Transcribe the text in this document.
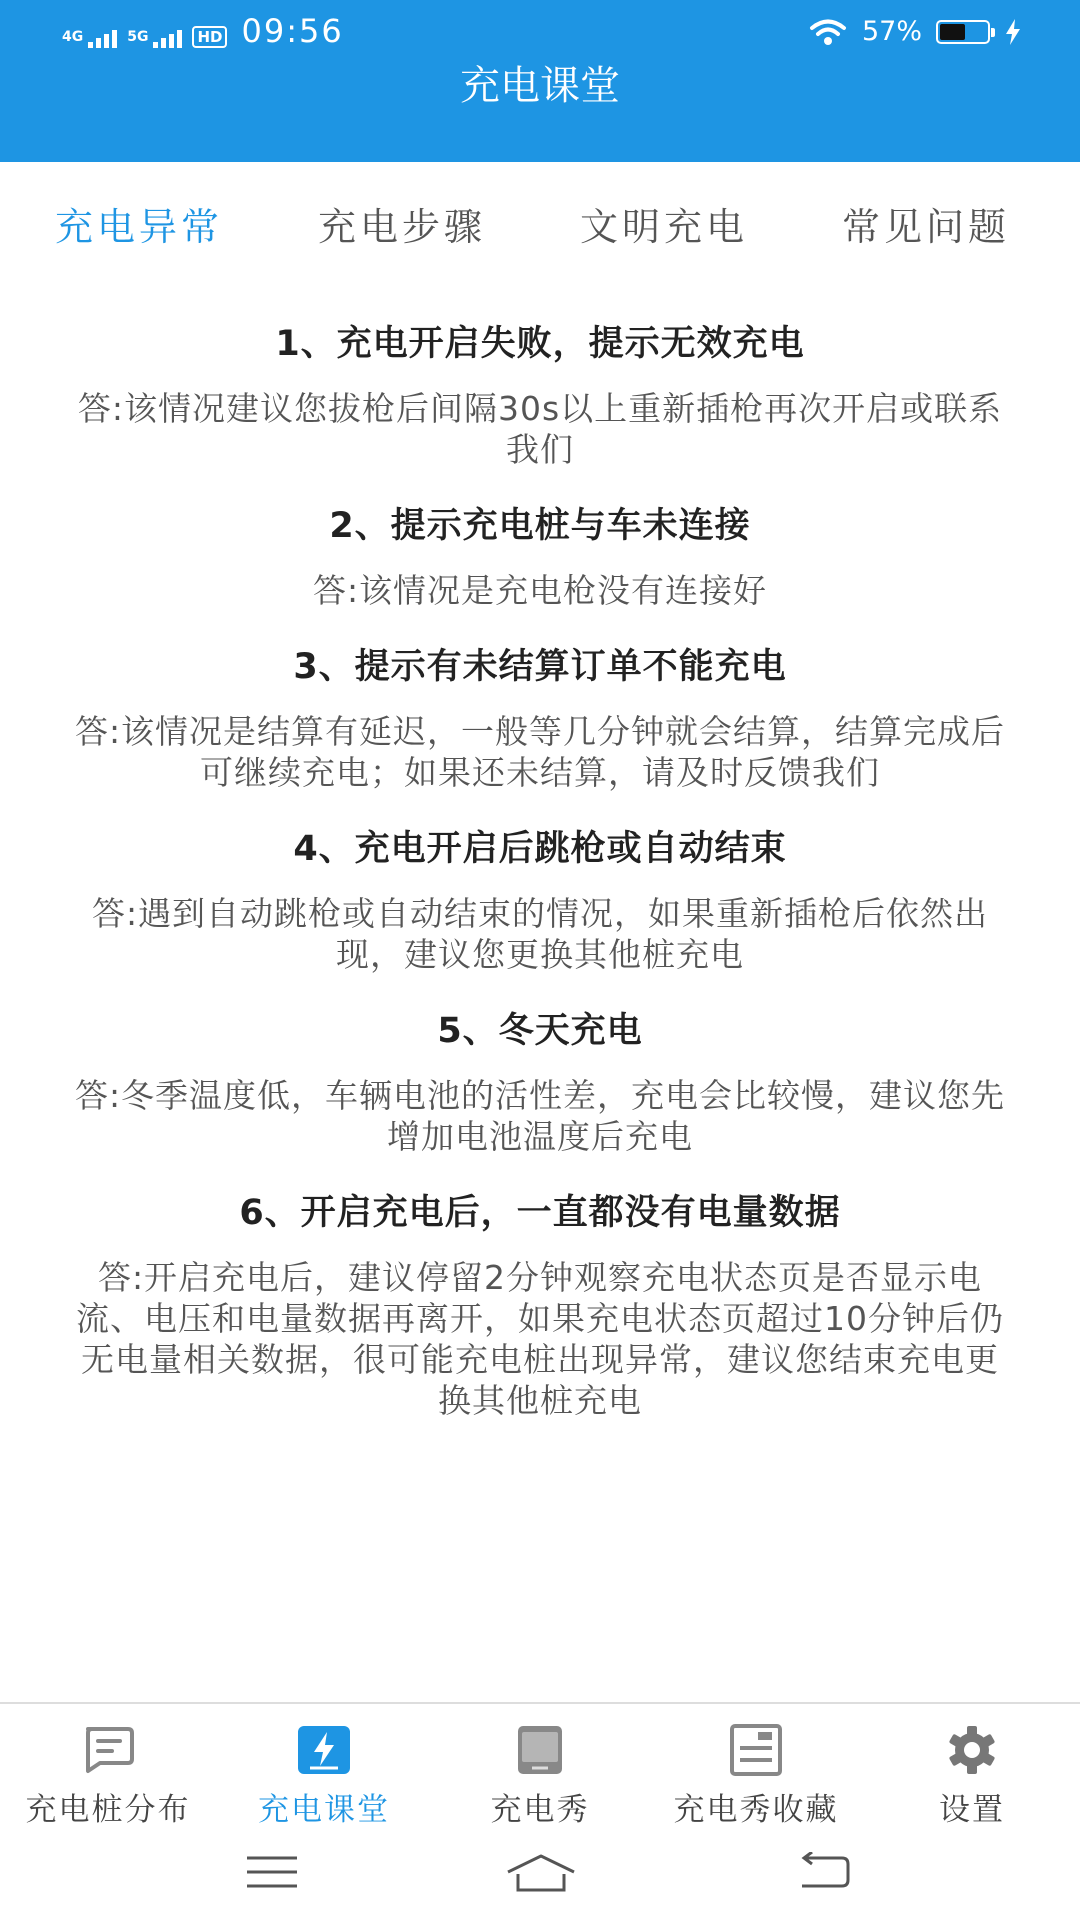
4G	5G	HD 09:56	57%
充电课堂
充电异常 充电步骤 文明充电 常见问题
1、充电开启失败，提示无效充电
答:该情况建议您拔枪后间隔30s以上重新插枪再次开启或联系我们
2、提示充电桩与车未连接
答:该情况是充电枪没有连接好
3、提示有未结算订单不能充电
答:该情况是结算有延迟，一般等几分钟就会结算，结算完成后可继续充电；如果还未结算，请及时反馈我们
4、充电开启后跳枪或自动结束
答:遇到自动跳枪或自动结束的情况，如果重新插枪后依然出现，建议您更换其他桩充电
5、冬天充电
答:冬季温度低，车辆电池的活性差，充电会比较慢，建议您先增加电池温度后充电
6、开启充电后，一直都没有电量数据
答:开启充电后，建议停留2分钟观察充电状态页是否显示电流、电压和电量数据再离开，如果充电状态页超过10分钟后仍无电量相关数据，很可能充电桩出现异常，建议您结束充电更换其他桩充电
充电桩分布	充电课堂	充电秀	充电秀收藏	设置
